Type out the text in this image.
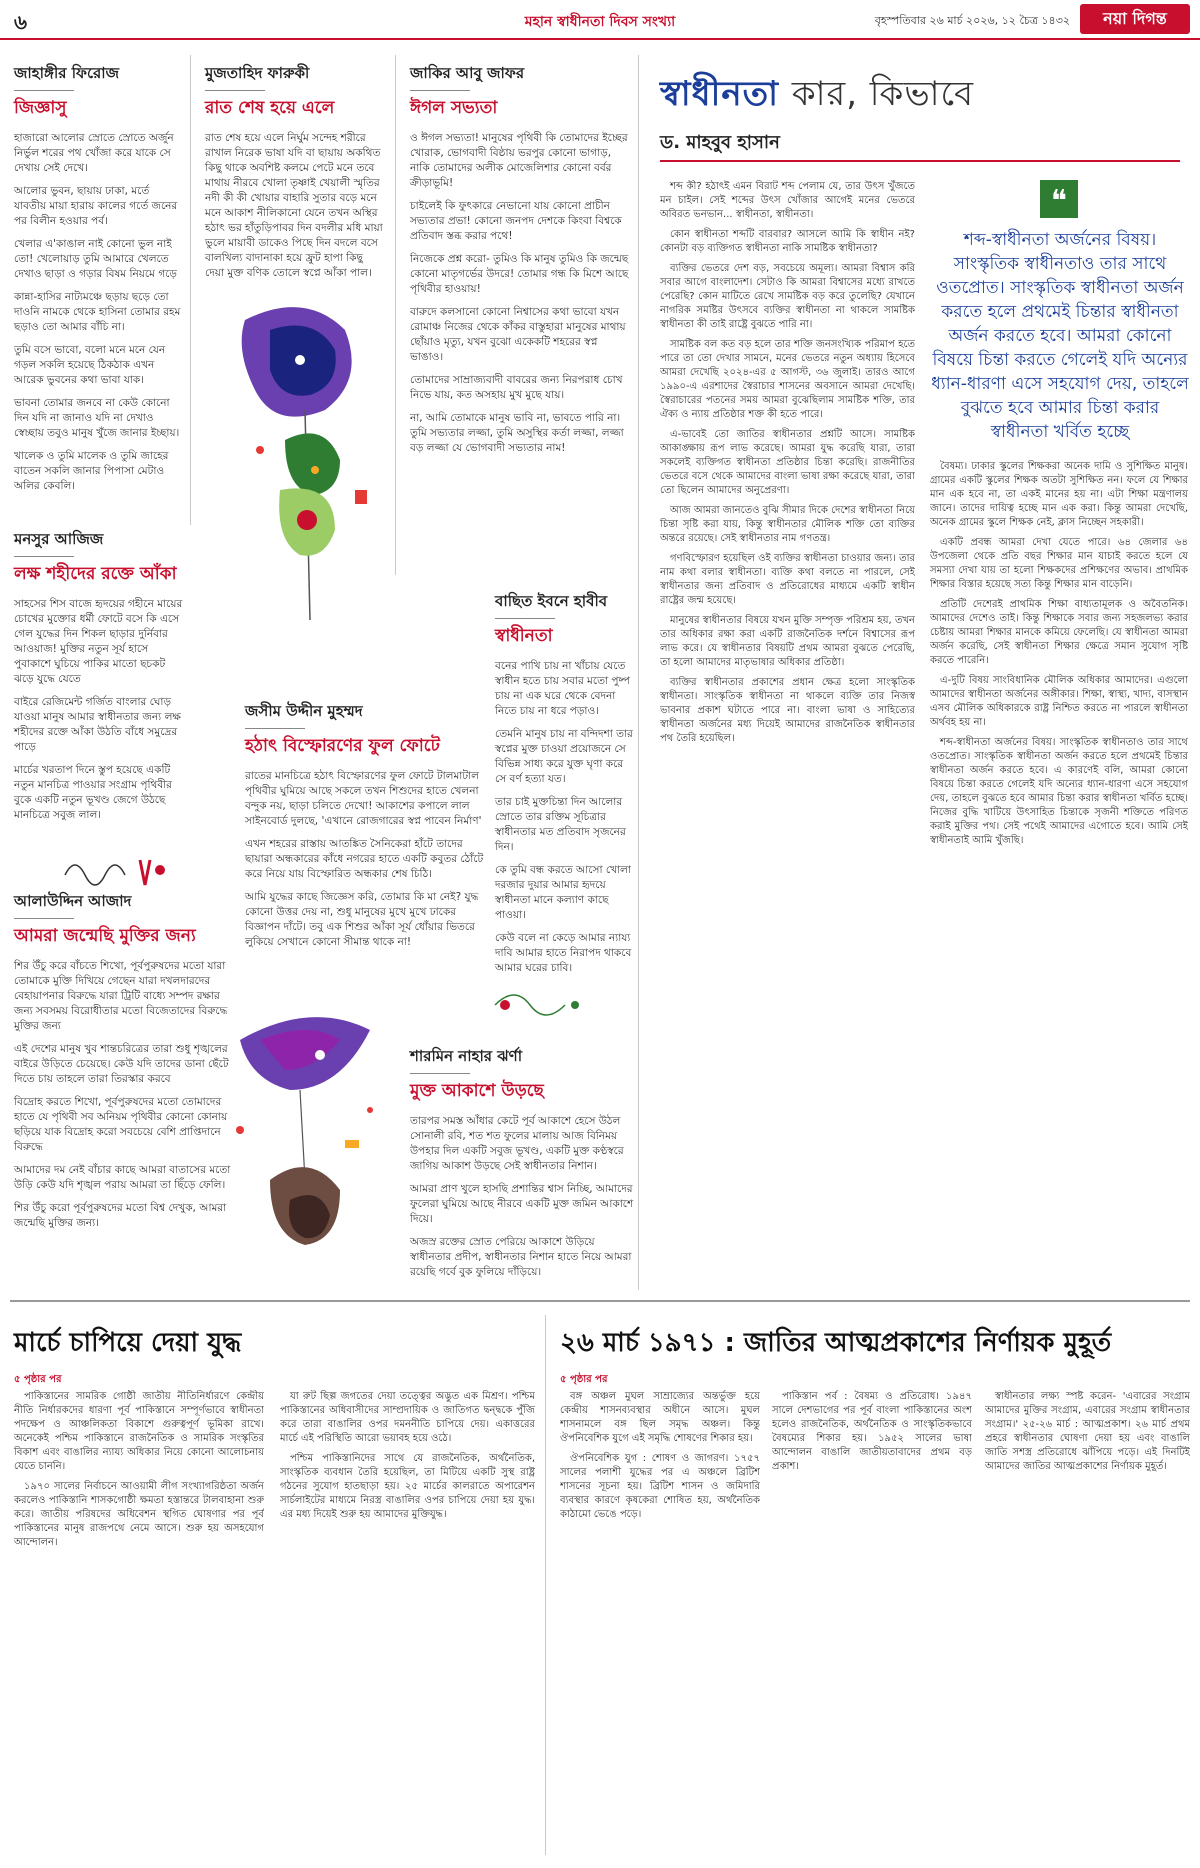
৬	মহান স্বাধীনতা দিবস সংখ্যা	বৃহস্পতিবার ২৬ মার্চ ২০২৬, ১২ চৈত্র ১৪৩২	নয়া দিগন্ত
জাহাঙ্গীর ফিরোজ
জিজ্ঞাসু

হাজারো আলোর স্রোতে স্রোতে অর্জুন নির্ভুল শরের পথ খোঁজা করে যাকে সে দেখায় সেই দেখে।

আলোর ভুবন, ছায়ায় ঢাকা, মর্তে যাবতীয় মায়া হারায় কালের গর্তে জনের পর বিলীন হওয়ার পর্ব।

খেলার এ'কাঙাল নাই কোনো ভুল নাই তো! খেলোয়াড় তুমি আমারে খেলতে দেখাও ছাড়া ও গড়ার বিষম নিয়মে গড়ে

কান্না-হাসির নাট্যমঞ্চে ছড়ায় ছড়ে তো দাওনি নামকে থেকে হাসিনা তোমার রহম ছড়াও তো আমার বাঁচি না।

তুমি বসে ভাবো, বলো মনে মনে যেন গড়ল সকলি হয়েছে ঠিকঠাক এখন আরেক ভুবনের কথা ভাবা যাক।

ভাবনা তোমার জনবে না কেউ কোনো দিন যদি না জানাও যদি না দেখাও স্বেচ্ছায় তবুও মানুষ খুঁজে জানার ইচ্ছায়।

খালেক ও তুমি মালেক ও তুমি জাহের বাতেন সকলি জানার পিপাসা মেটাও অলির কেবলি।

মুজতাহিদ ফারুকী
রাত শেষ হয়ে এলে

রাত শেষ হয়ে এলে নির্ঘুম সন্দেহ শরীরে রাখাল নিরেক ভাষা যদি বা ছায়ায় অকথিত কিছু থাকে অবশিষ্ট কলমে পেটে মনে তবে মাথায় নীরবে খোলা তৃষ্ণাই খেয়ালী স্মৃতির নদী কী কী খোয়ার বাহারি সুতার বড়ে মনে মনে আকাশ নীলিকানো যেনে তখন অস্থির হঠাৎ ভর হাঁতুড়িপাবর দিন বদলীর মধি মায়া ভুলে মায়াবী ডাকেও পিছে দিন বদলে বসে বালখিল্য বাদানাকা হয়ে ফ্রুট হাপা কিছু দেয়া মুক্ত বণিক তোলে স্বপ্নে আঁকা পাল।

জাকির আবু জাফর
ঈগল সভ্যতা

ও ঈগল সভ্যতা! মানুষের পৃথিবী কি তোমাদের ইচ্ছের খোরাক, ভোগবাদী বিষ্ঠায় ভরপুর কোনো ভাগাড়, নাকি তোমাদের অলীক মোজেলিশার কোনো বর্বর ক্রীড়াভূমি!

চাইলেই কি ফুৎকারে নেভানো যায় কোনো প্রাচীন সভ্যতার প্রভা! কোনো জনপদ দেশকে কিংবা বিশ্বকে প্রতিবাদ স্তব্ধ করার পথে!

নিজেকে প্রশ্ন করো- তুমিও কি মানুষ তুমিও কি জন্মেছ কোনো মাতৃগর্ভের উদরে! তোমার গন্ধ কি মিশে আছে পৃথিবীর হাওয়ায়!

বারুদে কলসানো কোনো নিশ্বাসের কথা ভাবো যখন রোমাঞ্চ নিজের থেকে কাঁকর বাস্তুহারা মানুষের মাথায় ছোঁয়াও মৃত্যু, যখন বুঝো একেকটি শহরের স্বপ্ন ভাঙাও।

তোমাদের সাম্রাজ্যবাদী বাবরের জন্য নিরপরাধ চোখ নিভে যায়, কত অসহায় মুখ মুছে যায়।

না, আমি তোমাকে মানুষ ভাবি না, ভাবতে পারি না। তুমি সভ্যতার লজ্জা, তুমি অসুস্থির কর্তা লজ্জা, লজ্জা বড় লজ্জা যে ভোগবাদী সভ্যতার নাম!

মনসুর আজিজ
লক্ষ শহীদের রক্তে আঁকা

সাহসের শিস বাজে হৃদয়ের গহীনে মায়ের চোখের মুক্তোর ধর্মী ফোটে বসে কি এসে গেল যুদ্ধের দিন শিকল ছাড়ার দুর্নিবার আওয়াজ! মুক্তির নতুন সূর্য হাসে পুবাকাশে ঘুচিয়ে পাকির মাতো ছচকট ঝড়ে যুদ্ধে যেতে

বাইরে রেজিমেন্ট গর্জিত বাংলার ঘোড় যাওয়া মানুষ আমার স্বাধীনতার জন্য লক্ষ শহীদের রক্তে আঁকা উঠতি বাঁধে সমুদ্রের পাড়ে

মার্চের খরতাপ দিনে স্তুপ হয়েছে একটি নতুন মানচিত্র পাওয়ার সংগ্রাম পৃথিবীর বুকে একটি নতুন ভূখণ্ড জেগে উঠছে মানচিত্রে সবুজ লাল।

আলাউদ্দিন আজাদ
আমরা জন্মেছি মুক্তির জন্য

শির উঁচু করে বাঁচতে শিখো, পূর্বপুরুষদের মতো যারা তোমাকে মুক্তি দিখিয়ে গেছেন যারা দখলদারদের বেহায়াপনার বিরুদ্ধে যারা ট্রিটি বাধ্যে সম্পদ রক্ষার জন্য সবসময় বিরোধীতার মতো বিজেতাদের বিরুদ্ধে মুক্তির জন্য

এই দেশের মানুষ খুব শান্তচরিত্রের তারা শুধু শৃঙ্খলের বাইরে উড়িতে চেয়েছে। কেউ যদি তাদের ডানা ছেঁটে দিতে চায় তাহলে তারা তিরস্কার করবে

বিদ্রোহ করতে শিখো, পূর্বপুরুষদের মতো তোমাদের হাতে যে পৃথিবী সব অনিয়ম পৃথিবীর কোনো কোনায় ছড়িয়ে যাক বিদ্রোহ করো সবচেয়ে বেশি প্রাপ্তিদানে বিরুদ্ধে

আমাদের দম নেই বাঁচার কাছে আমরা বাতাসের মতো উড়ি কেউ যদি শৃঙ্খল পরায় আমরা তা ছিঁড়ে ফেলি।

শির উঁচু করো পূর্বপুরুষদের মতো বিশ্ব দেখুক, আমরা জন্মেছি মুক্তির জন্য।

বাছিত ইবনে হাবীব
স্বাধীনতা

বনের পাখি চায় না খাঁচায় যেতে স্বাধীন হতে চায় সবার মতো পুষ্প চায় না এক ঘরে থেকে বেদনা নিতে চায় না ধরে পড়াও।

তেমনি মানুষ চায় না বন্দিদশা তার স্বপ্নের মুক্ত চাওয়া প্রয়োজনে সে বিভিন্ন সাধ্য করে যুক্ত ঘৃণা করে সে বর্ণ হত্যা যত।

তার চাই মুক্তচিন্তা দিন আলোর স্রোতে তার রক্তিম সূচিত্রার স্বাধীনতার মত প্রতিবাদ সৃজনের দিন।

কে তুমি বন্ধ করতে আসো খোলা দরজার দুয়ার আমার হৃদয়ে স্বাধীনতা মানে কল্যাণ কাছে পাওয়া।

কেউ বলে না কেড়ে আমার ন্যায্য দাবি আমার হাতে নিরাপদ থাকবে আমার ঘরের চাবি।

জসীম উদ্দীন মুহম্মদ
হঠাৎ বিস্ফোরণের ফুল ফোটে

রাতের মানচিত্রে হঠাৎ বিস্ফোরণের ফুল ফোটে টালমাটাল পৃথিবীর ঘুমিয়ে আছে সকলে তখন শিশুদের হাতে খেলনা বন্দুক নয়, ছাড়া চলিতে দেখো! আকাশের কপালে লাল সাইনবোর্ড দুলছে, 'এখানে রোজগারের স্বপ্ন পাবেন নির্মাণ'

এখন শহরের রাস্তায় আতঙ্কিত সৈনিকেরা হাঁটে তাদের ছায়ারা অন্ধকারের কাঁধে নগরের হাতে একটি কবুতর ঠোঁটে করে নিয়ে যায় বিস্ফোরিত অন্ধকার শেষ চিঠি।

আমি যুদ্ধের কাছে জিজ্ঞেস করি, তোমার কি মা নেই? যুদ্ধ কোনো উত্তর দেয় না, শুধু মানুষের মুখে মুখে ঢাকের বিজ্ঞাপন দাঁটে। তবু এক শিশুর আঁকা সূর্য ধোঁয়ার ভিতরে লুকিয়ে সেখানে কোনো সীমান্ত থাকে না!

শারমিন নাহার ঝর্ণা
মুক্ত আকাশে উড়ছে

তারপর সমস্ত আঁধার কেটে পূর্ব আকাশে হেসে উঠল সোনালী রবি, শত শত ফুলের মালায় আজ বিনিময় উপহার দিল একটি সবুজ ভূখণ্ড, একটি মুক্ত কণ্ঠস্বরে জাগিয় আকাশ উড়ছে সেই স্বাধীনতার নিশান।

আমরা প্রাণ খুলে হাসছি প্রশান্তির শ্বাস নিচ্ছি, আমাদের ফুলেরা ঘুমিয়ে আছে নীরবে একটি মুক্ত জমিন আকাশে দিয়ে।

অজস্র রক্তের স্রোত পেরিয়ে আকাশে উড়িয়ে স্বাধীনতার প্রদীপ, স্বাধীনতার নিশান হাতে নিয়ে আমরা রয়েছি গর্বে বুক ফুলিয়ে দাঁড়িয়ে।

স্বাধীনতা কার, কিভাবে
ড. মাহবুব হাসান
❝
শব্দ-স্বাধীনতা অর্জনের বিষয়। সাংস্কৃতিক স্বাধীনতাও তার সাথে ওতপ্রোত। সাংস্কৃতিক স্বাধীনতা অর্জন করতে হলে প্রথমেই চিন্তার স্বাধীনতা অর্জন করতে হবে। আমরা কোনো বিষয়ে চিন্তা করতে গেলেই যদি অন্যের ধ্যান-ধারণা এসে সহযোগ দেয়, তাহলে বুঝতে হবে আমার চিন্তা করার স্বাধীনতা খর্বিত হচ্ছে

শব্দ কী? হঠাৎই এমন বিরাট শব্দ পেলাম যে, তার উৎস খুঁজতে মন চাইল। সেই শব্দের উৎস খোঁজার আগেই মনের ভেতরে অবিরত ভনভান... স্বাধীনতা, স্বাধীনতা।

কোন স্বাধীনতা শব্দটি বারবার? আসলে আমি কি স্বাধীন নই? কোনটা বড় ব্যক্তিগত স্বাধীনতা নাকি সামষ্টিক স্বাধীনতা?

ব্যক্তির ভেতরে দেশ বড়, সবচেয়ে অমূল্য। আমরা বিশ্বাস করি সবার আগে বাংলাদেশ। সেটাও কি আমরা বিশ্বাসের মধ্যে রাখতে পেরেছি? কোন মাটিতে রেখে সামষ্টিক বড় করে তুলেছি? যেখানে নাগরিক সমষ্টির উৎসবে ব্যক্তির স্বাধীনতা না থাকলে সামষ্টিক স্বাধীনতা কী তাই রাষ্ট্রে বুঝতে পারি না।

সামষ্টিক বল কত বড় হলে তার শক্তি জনসংখ্যিক পরিমাপ হতে পারে তা তো দেখার সামনে, মনের ভেতরে নতুন অধ্যায় হিসেবে আমরা দেখেছি ২০২৪-এর ৫ আগস্ট, ৩৬ জুলাই। তারও আগে ১৯৯০-এ এরশাদের স্বৈরাচার শাসনের অবসানে আমরা দেখেছি। স্বৈরাচারের পতনের সময় আমরা বুঝেছিলাম সামষ্টিক শক্তি, তার ঐক্য ও ন্যায় প্রতিষ্ঠার শক্ত কী হতে পারে।

এ-ভাবেই তো জাতির স্বাধীনতার প্রশ্নটি আসে। সামষ্টিক আকাঙ্ক্ষায় রূপ লাভ করেছে। আমরা যুদ্ধ করেছি যারা, তারা সকলেই ব্যক্তিগত স্বাধীনতা প্রতিষ্ঠার চিন্তা করেছি। রাজনীতির ভেতরে বসে থেকে আমাদের বাংলা ভাষা রক্ষা করেছে যারা, তারা তো ছিলেন আমাদের অনুপ্রেরণা।

আজ আমরা জানতেও বুঝি সীমার দিকে দেশের স্বাধীনতা নিয়ে চিন্তা সৃষ্টি করা যায়, কিন্তু স্বাধীনতার মৌলিক শক্তি তো ব্যক্তির অন্তরে রয়েছে। সেই স্বাধীনতার নাম গণতন্ত্র।

গণবিস্ফোরণ হয়েছিল ওই ব্যক্তির স্বাধীনতা চাওয়ার জন্য। তার নাম কথা বলার স্বাধীনতা। ব্যক্তি কথা বলতে না পারলে, সেই স্বাধীনতার জন্য প্রতিবাদ ও প্রতিরোধের মাধ্যমে একটি স্বাধীন রাষ্ট্রের জন্ম হয়েছে।

মানুষের স্বাধীনতার বিষয়ে যখন মুক্তি সম্পৃক্ত পরিশ্রম হয়, তখন তার অধিকার রক্ষা করা একটি রাজনৈতিক দর্শনে বিশ্বাসের রূপ লাভ করে। যে স্বাধীনতার বিষয়টি প্রথম আমরা বুঝতে পেরেছি, তা হলো আমাদের মাতৃভাষার অধিকার প্রতিষ্ঠা।

ব্যক্তির স্বাধীনতার প্রকাশের প্রধান ক্ষেত্র হলো সাংস্কৃতিক স্বাধীনতা। সাংস্কৃতিক স্বাধীনতা না থাকলে ব্যক্তি তার নিজস্ব ভাবনার প্রকাশ ঘটাতে পারে না। বাংলা ভাষা ও সাহিত্যের স্বাধীনতা অর্জনের মধ্য দিয়েই আমাদের রাজনৈতিক স্বাধীনতার পথ তৈরি হয়েছিল।

বৈষম্য। ঢাকার স্কুলের শিক্ষকরা অনেক দামি ও সুশিক্ষিত মানুষ। গ্রামের একটি স্কুলের শিক্ষক অতটা সুশিক্ষিত নন। ফলে যে শিক্ষার মান এক হবে না, তা একই মানের হয় না। এটা শিক্ষা মন্ত্রণালয় জানে। তাদের দায়িত্ব হচ্ছে মান এক করা। কিন্তু আমরা দেখেছি, অনেক গ্রামের স্কুলে শিক্ষক নেই, ক্লাস নিচ্ছেন সহকারী।

একটি প্রবন্ধ আমরা দেখা যেতে পারে। ৬৪ জেলার ৬৪ উপজেলা থেকে প্রতি বছর শিক্ষার মান যাচাই করতে হলে যে সমস্যা দেখা যায় তা হলো শিক্ষকদের প্রশিক্ষণের অভাব। প্রাথমিক শিক্ষার বিস্তার হয়েছে সত্য কিন্তু শিক্ষার মান বাড়েনি।

প্রতিটি দেশেরই প্রাথমিক শিক্ষা বাধ্যতামূলক ও অবৈতনিক। আমাদের দেশেও তাই। কিন্তু শিক্ষাকে সবার জন্য সহজলভ্য করার চেষ্টায় আমরা শিক্ষার মানকে কমিয়ে ফেলেছি। যে স্বাধীনতা আমরা অর্জন করেছি, সেই স্বাধীনতা শিক্ষার ক্ষেত্রে সমান সুযোগ সৃষ্টি করতে পারেনি।

এ-দুটি বিষয় সাংবিধানিক মৌলিক অধিকার আমাদের। এগুলো আমাদের স্বাধীনতা অর্জনের অঙ্গীকার। শিক্ষা, স্বাস্থ্য, খাদ্য, বাসস্থান এসব মৌলিক অধিকারকে রাষ্ট্র নিশ্চিত করতে না পারলে স্বাধীনতা অর্থবহ হয় না।

শব্দ-স্বাধীনতা অর্জনের বিষয়। সাংস্কৃতিক স্বাধীনতাও তার সাথে ওতপ্রোত। সাংস্কৃতিক স্বাধীনতা অর্জন করতে হলে প্রথমেই চিন্তার স্বাধীনতা অর্জন করতে হবে। এ কারণেই বলি, আমরা কোনো বিষয়ে চিন্তা করতে গেলেই যদি অন্যের ধ্যান-ধারণা এসে সহযোগ দেয়, তাহলে বুঝতে হবে আমার চিন্তা করার স্বাধীনতা খর্বিত হচ্ছে। নিজের বুদ্ধি খাটিয়ে উৎসাহিত চিন্তাকে সৃজনী শক্তিতে পরিণত করাই মুক্তির পথ। সেই পথেই আমাদের এগোতে হবে। আমি সেই স্বাধীনতাই আমি খুঁজছি।

মার্চে চাপিয়ে দেয়া যুদ্ধ
৫ পৃষ্ঠার পর

পাকিস্তানের সামরিক গোষ্ঠী জাতীয় নীতিনির্ধারণে কেন্দ্রীয় নীতি নির্ধারকদের ধারণা পূর্ব পাকিস্তানে সম্পূর্ণভাবে স্বাধীনতা পদক্ষেপ ও আঞ্চলিকতা বিকাশে গুরুত্বপূর্ণ ভূমিকা রাখে। অনেকেই পশ্চিম পাকিস্তানে রাজনৈতিক ও সামরিক সংস্কৃতির বিকাশ এবং বাঙালির ন্যায্য অধিকার নিয়ে কোনো আলোচনায় যেতে চাননি।

১৯৭০ সালের নির্বাচনে আওয়ামী লীগ সংখ্যাগরিষ্ঠতা অর্জন করলেও পাকিস্তানি শাসকগোষ্ঠী ক্ষমতা হস্তান্তরে টালবাহানা শুরু করে। জাতীয় পরিষদের অধিবেশন স্থগিত ঘোষণার পর পূর্ব পাকিস্তানের মানুষ রাজপথে নেমে আসে। শুরু হয় অসহযোগ আন্দোলন।

যা রুট ছিল্প জগতের দেয়া তত্ত্বের অদ্ভুত এক মিশ্রণ। পশ্চিম পাকিস্তানের অধিবাসীদের সাম্প্রদায়িক ও জাতিগত দ্বন্দ্বকে পুঁজি করে তারা বাঙালির ওপর দমননীতি চাপিয়ে দেয়। একাত্তরের মার্চে এই পরিস্থিতি আরো ভয়াবহ হয়ে ওঠে।

পশ্চিম পাকিস্তানিদের সাথে যে রাজনৈতিক, অর্থনৈতিক, সাংস্কৃতিক ব্যবধান তৈরি হয়েছিল, তা মিটিয়ে একটি সুস্থ রাষ্ট্র গঠনের সুযোগ হাতছাড়া হয়। ২৫ মার্চের কালরাতে অপারেশন সার্চলাইটের মাধ্যমে নিরস্ত্র বাঙালির ওপর চাপিয়ে দেয়া হয় যুদ্ধ। এর মধ্য দিয়েই শুরু হয় আমাদের মুক্তিযুদ্ধ।

২৬ মার্চ ১৯৭১ : জাতির আত্মপ্রকাশের নির্ণায়ক মুহূর্ত
৫ পৃষ্ঠার পর

বঙ্গ অঞ্চল মুঘল সাম্রাজ্যের অন্তর্ভুক্ত হয়ে কেন্দ্রীয় শাসনব্যবস্থার অধীনে আসে। মুঘল শাসনামলে বঙ্গ ছিল সমৃদ্ধ অঞ্চল। কিন্তু ঔপনিবেশিক যুগে এই সমৃদ্ধি শোষণের শিকার হয়।

ঔপনিবেশিক যুগ : শোষণ ও জাগরণ। ১৭৫৭ সালের পলাশী যুদ্ধের পর এ অঞ্চলে ব্রিটিশ শাসনের সূচনা হয়। ব্রিটিশ শাসন ও জমিদারি ব্যবস্থার কারণে কৃষকেরা শোষিত হয়, অর্থনৈতিক কাঠামো ভেঙে পড়ে।

পাকিস্তান পর্ব : বৈষম্য ও প্রতিরোধ। ১৯৪৭ সালে দেশভাগের পর পূর্ব বাংলা পাকিস্তানের অংশ হলেও রাজনৈতিক, অর্থনৈতিক ও সাংস্কৃতিকভাবে বৈষম্যের শিকার হয়। ১৯৫২ সালের ভাষা আন্দোলন বাঙালি জাতীয়তাবাদের প্রথম বড় প্রকাশ।

স্বাধীনতার লক্ষ্য স্পষ্ট করেন- 'এবারের সংগ্রাম আমাদের মুক্তির সংগ্রাম, এবারের সংগ্রাম স্বাধীনতার সংগ্রাম।' ২৫-২৬ মার্চ : আত্মপ্রকাশ। ২৬ মার্চ প্রথম প্রহরে স্বাধীনতার ঘোষণা দেয়া হয় এবং বাঙালি জাতি সশস্ত্র প্রতিরোধে ঝাঁপিয়ে পড়ে। এই দিনটিই আমাদের জাতির আত্মপ্রকাশের নির্ণায়ক মুহূর্ত।
